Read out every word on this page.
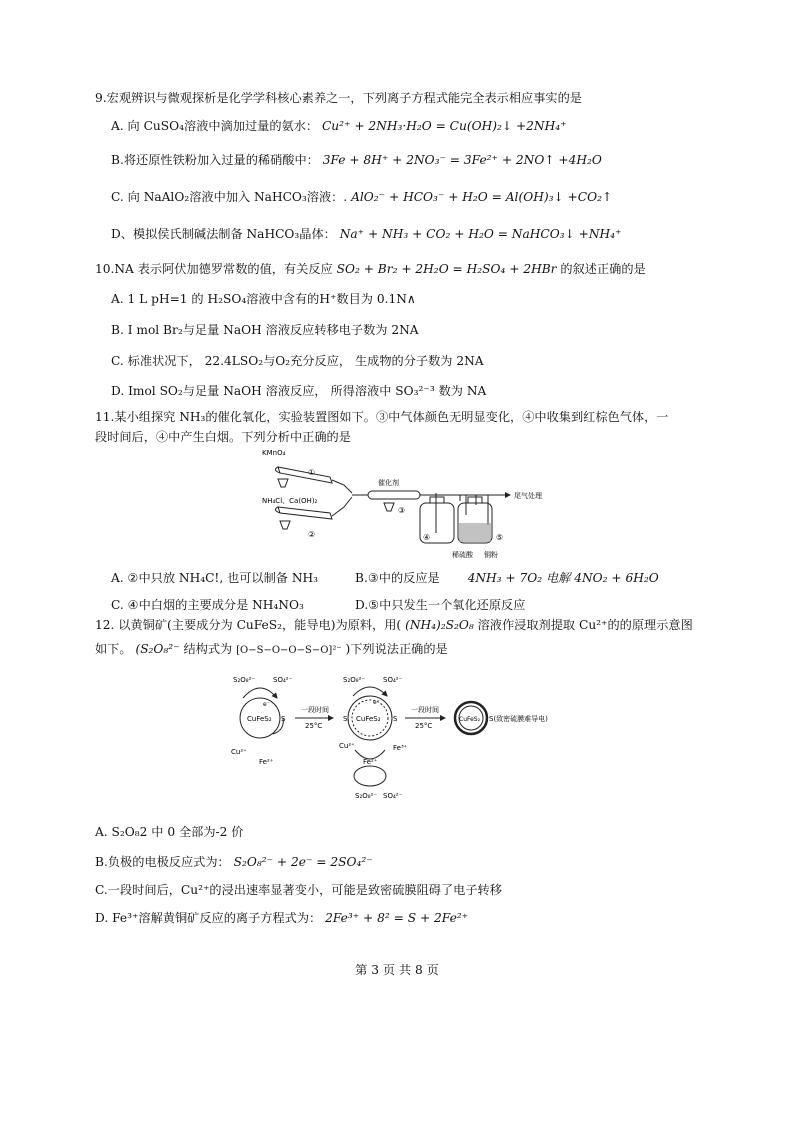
9.宏观辨识与微观探析是化学学科核心素养之一，下列离子方程式能完全表示相应事实的是
A. 向 CuSO₄溶液中滴加过量的氨水： Cu²⁺ + 2NH₃·H₂O = Cu(OH)₂↓ +2NH₄⁺
B.将还原性铁粉加入过量的稀硝酸中： 3Fe + 8H⁺ + 2NO₃⁻ = 3Fe²⁺ + 2NO↑ +4H₂O
C. 向 NaAlO₂溶液中加入 NaHCO₃溶液：. AlO₂⁻ + HCO₃⁻ + H₂O = Al(OH)₃↓ +CO₂↑
D、模拟侯氏制碱法制备 NaHCO₃晶体： Na⁺ + NH₃ + CO₂ + H₂O = NaHCO₃↓ +NH₄⁺
10.NA 表示阿伏加德罗常数的值，有关反应 SO₂ + Br₂ + 2H₂O = H₂SO₄ + 2HBr 的叙述正确的是
A. 1 L pH=1 的 H₂SO₄溶液中含有的H⁺数目为 0.1N∧
B. I mol Br₂与足量 NaOH 溶液反应转移电子数为 2NA
C. 标准状况下， 22.4LSO₂与O₂充分反应， 生成物的分子数为 2NA
D. Imol SO₂与足量 NaOH 溶液反应， 所得溶液中 SO₃²⁻³ 数为 NA
11.某小组探究 NH₃的催化氧化，实验装置图如下。③中气体颜色无明显变化，④中收集到红棕色气体，一
段时间后，④中产生白烟。下列分析中正确的是
KMnO₄
①
NH₄Cl、Ca(OH)₂
②
催化剂
③
④	⑤
尾气处理
稀硫酸 铜粉
A. ②中只放 NH₄C!, 也可以制备 NH₃	B.③中的反应是 4NH₃ + 7O₂ 电解 4NO₂ + 6H₂O
C. ④中白烟的主要成分是 NH₄NO₃	D.⑤中只发生一个氧化还原反应
12. 以黄铜矿(主要成分为 CuFeS₂，能导电)为原料，用( (NH₄)₂S₂O₈ 溶液作浸取剂提取 Cu²⁺的的原理示意图
如下。 (S₂O₈²⁻ 结构式为 [O−S−O−O−S−O]²⁻ )下列说法正确的是
S₂O₈²⁻	SO₄²⁻
CuFeS₂ S
e⁻
Cu²⁺
Fe²⁺
一段时间
25°C
S₂O₈²⁻	SO₄²⁻
CuFeS₂
S	S
e⁻
Cu²⁺	Fe³⁺
Fe²⁺
S₂O₈²⁻ SO₄²⁻
一段时间
25°C
CuFeS₂ S(致密硫膜难导电)
A. S₂O₈2 中 0 全部为-2 价
B.负极的电极反应式为： S₂O₈²⁻ + 2e⁻ = 2SO₄²⁻
C.一段时间后，Cu²⁺的浸出速率显著变小，可能是致密硫膜阻碍了电子转移
D. Fe³⁺溶解黄铜矿反应的离子方程式为： 2Fe³⁺ + 8² = S + 2Fe²⁺
第 3 页 共 8 页
